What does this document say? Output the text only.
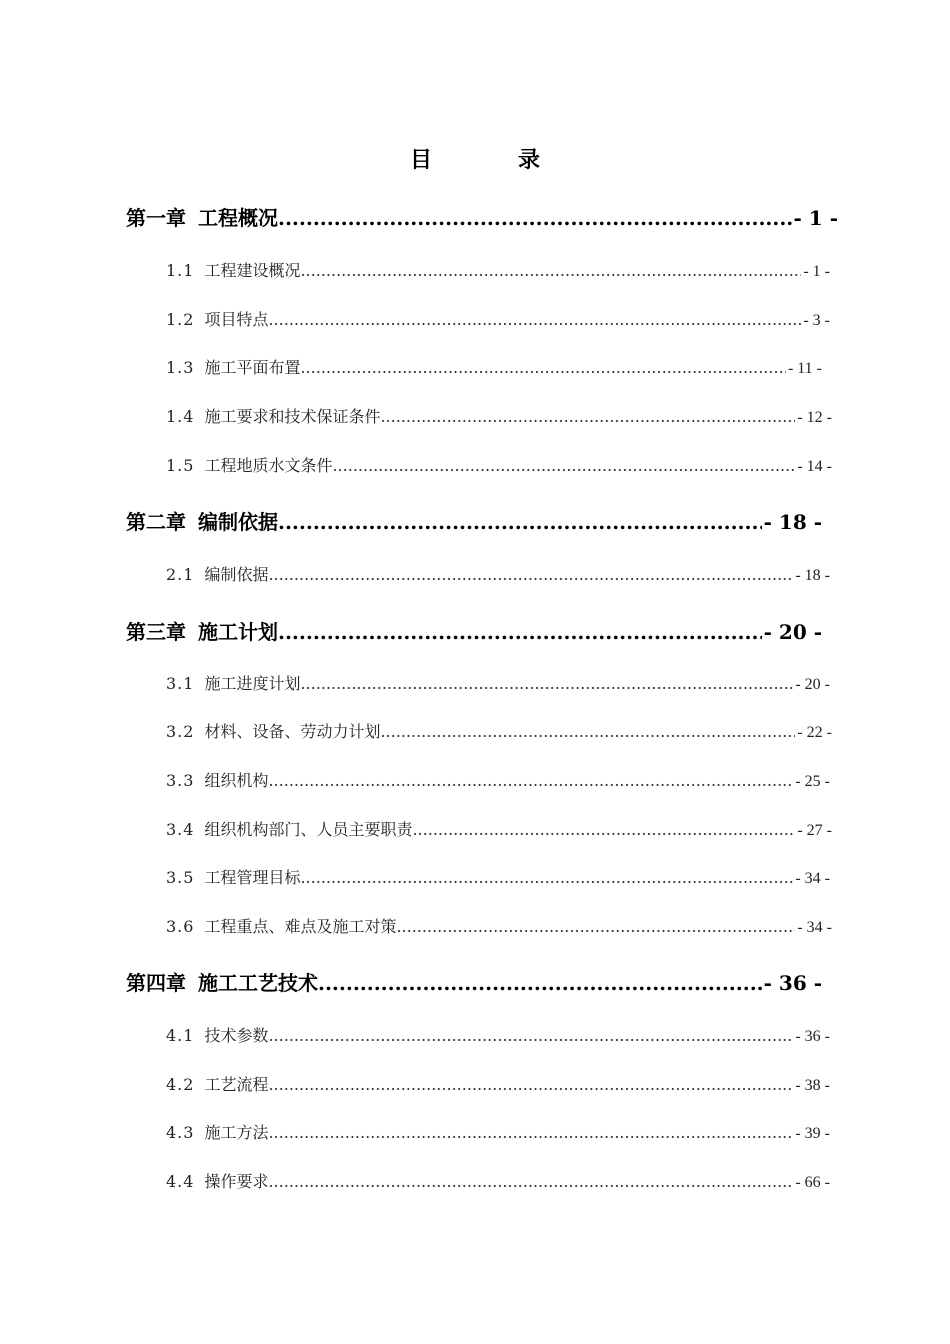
目　录
第一章 工程概况 .....	- 1 -
1.1 工程建设概况 .....	- 1 -
1.2 项目特点 .....	- 3 -
1.3 施工平面布置 .....	- 11 -
1.4 施工要求和技术保证条件 .....	- 12 -
1.5 工程地质水文条件 .....	- 14 -
第二章 编制依据 .....	- 18 -
2.1 编制依据 .....	- 18 -
第三章 施工计划 .....	- 20 -
3.1 施工进度计划 .....	- 20 -
3.2 材料、设备、劳动力计划 .....	- 22 -
3.3 组织机构 .....	- 25 -
3.4 组织机构部门、人员主要职责 .....	- 27 -
3.5 工程管理目标 .....	- 34 -
3.6 工程重点、难点及施工对策 .....	- 34 -
第四章 施工工艺技术 .....	- 36 -
4.1 技术参数 .....	- 36 -
4.2 工艺流程 .....	- 38 -
4.3 施工方法 .....	- 39 -
4.4 操作要求 .....	- 66 -
